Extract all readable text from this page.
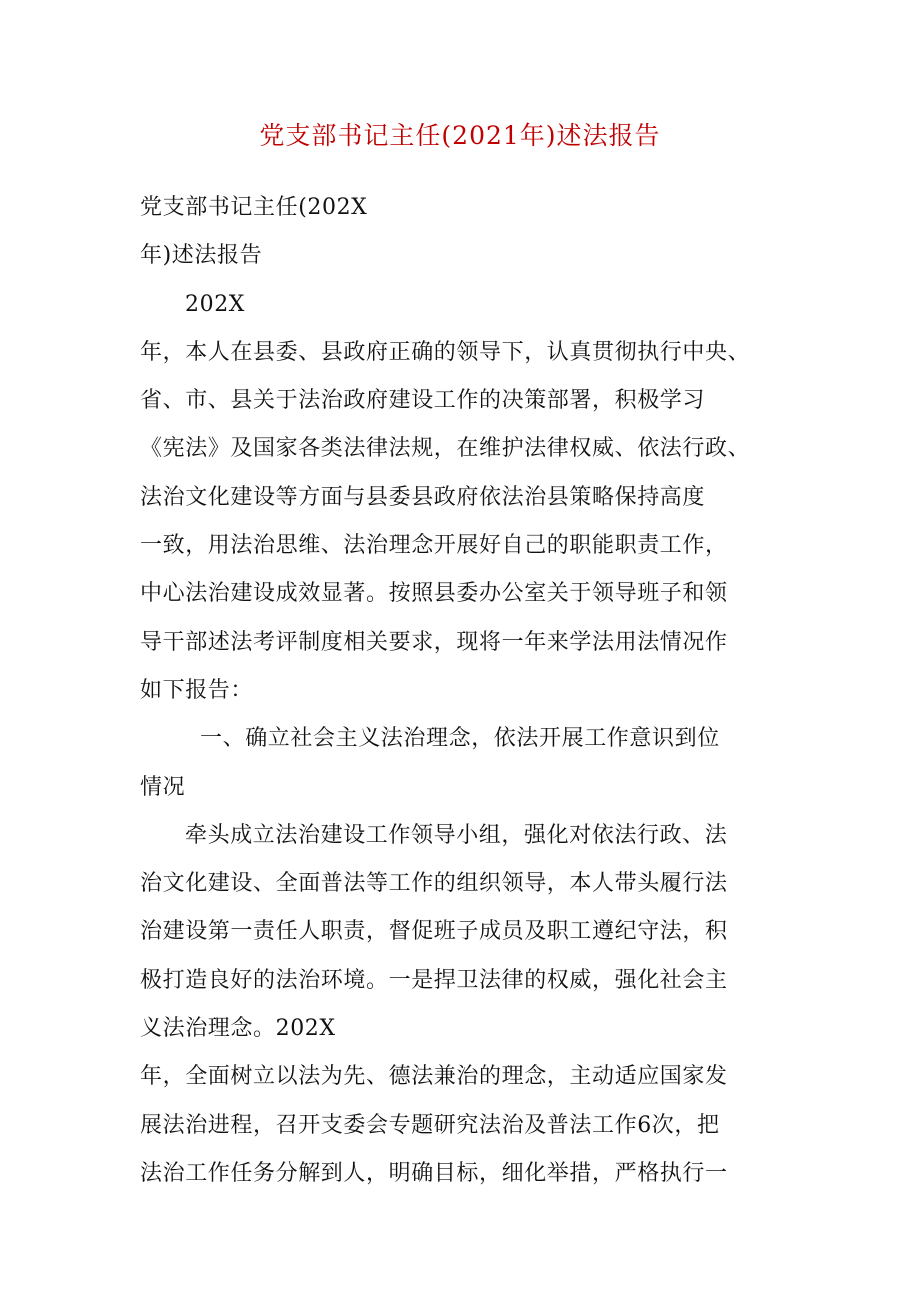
党支部书记主任(2021年)述法报告
党支部书记主任(202X
年)述法报告
202X
年，本人在县委、县政府正确的领导下，认真贯彻执行中央、
省、市、县关于法治政府建设工作的决策部署，积极学习
《宪法》及国家各类法律法规，在维护法律权威、依法行政、
法治文化建设等方面与县委县政府依法治县策略保持高度
一致，用法治思维、法治理念开展好自己的职能职责工作，
中心法治建设成效显著。按照县委办公室关于领导班子和领
导干部述法考评制度相关要求，现将一年来学法用法情况作
如下报告：
一、确立社会主义法治理念，依法开展工作意识到位
情况
牵头成立法治建设工作领导小组，强化对依法行政、法
治文化建设、全面普法等工作的组织领导，本人带头履行法
治建设第一责任人职责，督促班子成员及职工遵纪守法，积
极打造良好的法治环境。一是捍卫法律的权威，强化社会主
义法治理念。202X
年，全面树立以法为先、德法兼治的理念，主动适应国家发
展法治进程，召开支委会专题研究法治及普法工作6次，把
法治工作任务分解到人，明确目标，细化举措，严格执行一
